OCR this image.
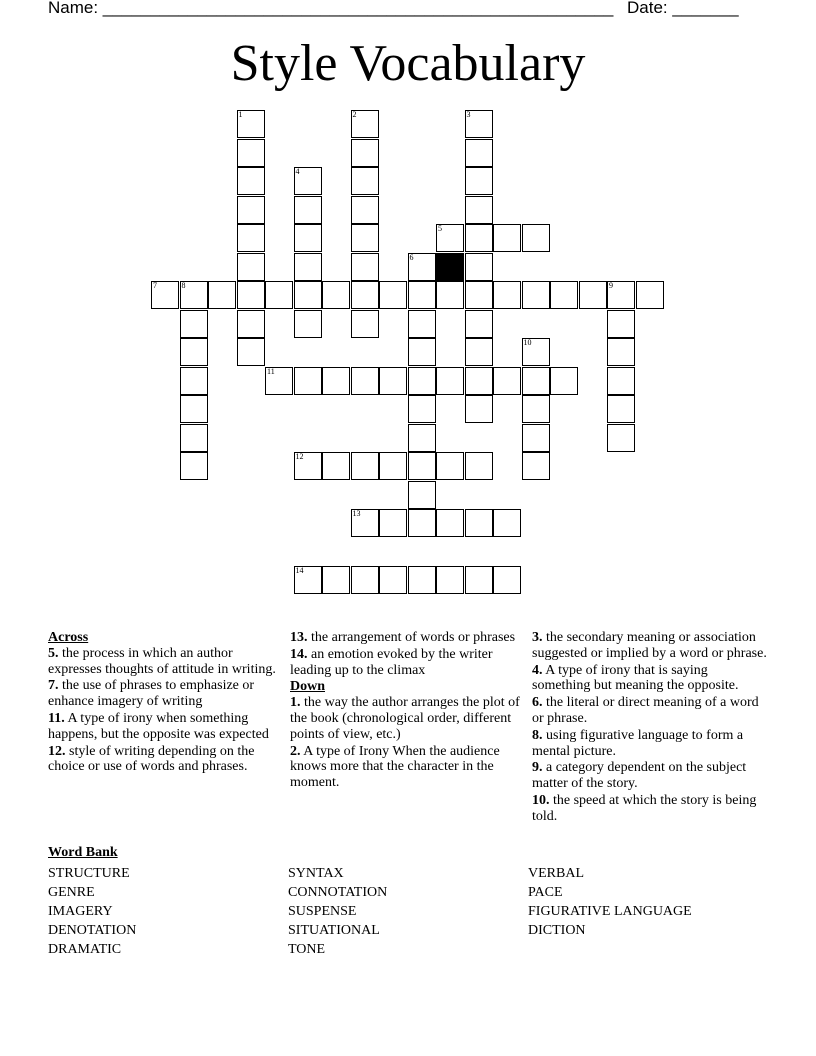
Name: ______________________________________________________ Date: _______
Style Vocabulary
1	2	3
4
5
6
7	8	9
10
11
12
13
14
Across
5. the process in which an author expresses thoughts of attitude in writing.
7. the use of phrases to emphasize or enhance imagery of writing
11. A type of irony when something happens, but the opposite was expected
12. style of writing depending on the choice or use of words and phrases.
13. the arrangement of words or phrases
14. an emotion evoked by the writer leading up to the climax
Down
1. the way the author arranges the plot of the book (chronological order, different points of view, etc.)
2. A type of Irony When the audience knows more that the character in the moment.
3. the secondary meaning or association suggested or implied by a word or phrase.
4. A type of irony that is saying something but meaning the opposite.
6. the literal or direct meaning of a word or phrase.
8. using figurative language to form a mental picture.
9. a category dependent on the subject matter of the story.
10. the speed at which the story is being told.
Word Bank
STRUCTURE
GENRE
IMAGERY
DENOTATION
DRAMATIC
SYNTAX
CONNOTATION
SUSPENSE
SITUATIONAL
TONE
VERBAL
PACE
FIGURATIVE LANGUAGE
DICTION
